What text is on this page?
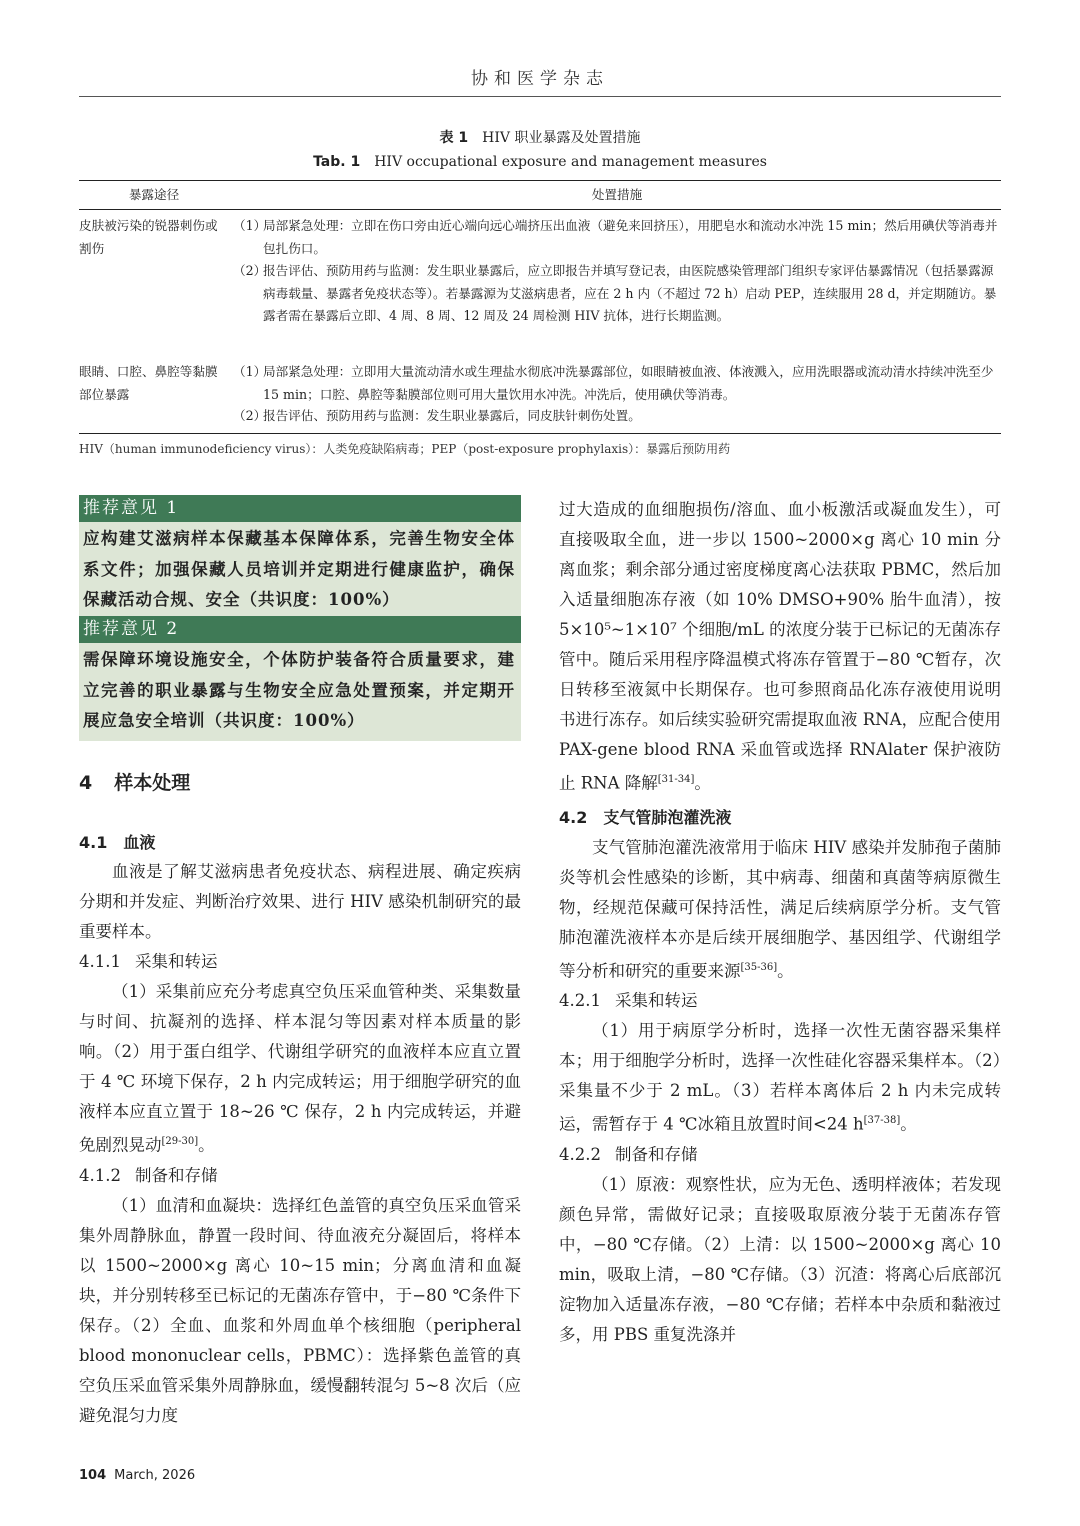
协和医学杂志
表 1 HIV 职业暴露及处置措施
Tab. 1 HIV occupational exposure and management measures
暴露途径	处置措施
皮肤被污染的锐器刺伤或割伤
（1）
局部紧急处理：立即在伤口旁由近心端向远心端挤压出血液（避免来回挤压），用肥皂水和流动水冲洗 15 min；然后用碘伏等消毒并包扎伤口。
（2）
报告评估、预防用药与监测：发生职业暴露后，应立即报告并填写登记表，由医院感染管理部门组织专家评估暴露情况（包括暴露源病毒载量、暴露者免疫状态等）。若暴露源为艾滋病患者，应在 2 h 内（不超过 72 h）启动 PEP，连续服用 28 d，并定期随访。暴露者需在暴露后立即、4 周、8 周、12 周及 24 周检测 HIV 抗体，进行长期监测。
眼睛、口腔、鼻腔等黏膜部位暴露
（1）
局部紧急处理：立即用大量流动清水或生理盐水彻底冲洗暴露部位，如眼睛被血液、体液溅入，应用洗眼器或流动清水持续冲洗至少 15 min；口腔、鼻腔等黏膜部位则可用大量饮用水冲洗。冲洗后，使用碘伏等消毒。
（2）
报告评估、预防用药与监测：发生职业暴露后，同皮肤针刺伤处置。
HIV（human immunodeficiency virus）：人类免疫缺陷病毒；PEP（post-exposure prophylaxis）：暴露后预防用药
推荐意见 1
应构建艾滋病样本保藏基本保障体系，完善生物安全体系文件；加强保藏人员培训并定期进行健康监护，确保保藏活动合规、安全（共识度：100%）
推荐意见 2
需保障环境设施安全，个体防护装备符合质量要求，建立完善的职业暴露与生物安全应急处置预案，并定期开展应急安全培训（共识度：100%）
4 样本处理
4.1 血液

血液是了解艾滋病患者免疫状态、病程进展、确定疾病分期和并发症、判断治疗效果、进行 HIV 感染机制研究的最重要样本。

4.1.1 采集和转运

（1）采集前应充分考虑真空负压采血管种类、采集数量与时间、抗凝剂的选择、样本混匀等因素对样本质量的影响。（2）用于蛋白组学、代谢组学研究的血液样本应直立置于 4 ℃ 环境下保存，2 h 内完成转运；用于细胞学研究的血液样本应直立置于 18~26 ℃ 保存，2 h 内完成转运，并避免剧烈晃动[29-30]。

4.1.2 制备和存储

（1）血清和血凝块：选择红色盖管的真空负压采血管采集外周静脉血，静置一段时间、待血液充分凝固后，将样本以 1500~2000×g 离心 10~15 min；分离血清和血凝块，并分别转移至已标记的无菌冻存管中，于−80 ℃条件下保存。（2）全血、血浆和外周血单个核细胞（peripheral blood mononuclear cells，PBMC）：选择紫色盖管的真空负压采血管采集外周静脉血，缓慢翻转混匀 5~8 次后（应避免混匀力度

过大造成的血细胞损伤/溶血、血小板激活或凝血发生），可直接吸取全血，进一步以 1500~2000×g 离心 10 min 分离血浆；剩余部分通过密度梯度离心法获取 PBMC，然后加入适量细胞冻存液（如 10% DMSO+90% 胎牛血清），按 5×10⁵~1×10⁷ 个细胞/mL 的浓度分装于已标记的无菌冻存管中。随后采用程序降温模式将冻存管置于−80 ℃暂存，次日转移至液氮中长期保存。也可参照商品化冻存液使用说明书进行冻存。如后续实验研究需提取血液 RNA，应配合使用 PAX-gene blood RNA 采血管或选择 RNAlater 保护液防止 RNA 降解[31-34]。

4.2 支气管肺泡灌洗液

支气管肺泡灌洗液常用于临床 HIV 感染并发肺孢子菌肺炎等机会性感染的诊断，其中病毒、细菌和真菌等病原微生物，经规范保藏可保持活性，满足后续病原学分析。支气管肺泡灌洗液样本亦是后续开展细胞学、基因组学、代谢组学等分析和研究的重要来源[35-36]。

4.2.1 采集和转运

（1）用于病原学分析时，选择一次性无菌容器采集样本；用于细胞学分析时，选择一次性硅化容器采集样本。（2）采集量不少于 2 mL。（3）若样本离体后 2 h 内未完成转运，需暂存于 4 ℃冰箱且放置时间<24 h[37-38]。

4.2.2 制备和存储

（1）原液：观察性状，应为无色、透明样液体；若发现颜色异常，需做好记录；直接吸取原液分装于无菌冻存管中，−80 ℃存储。（2）上清：以 1500~2000×g 离心 10 min，吸取上清，−80 ℃存储。（3）沉渣：将离心后底部沉淀物加入适量冻存液，−80 ℃存储；若样本中杂质和黏液过多，用 PBS 重复洗涤并

104 March, 2026
